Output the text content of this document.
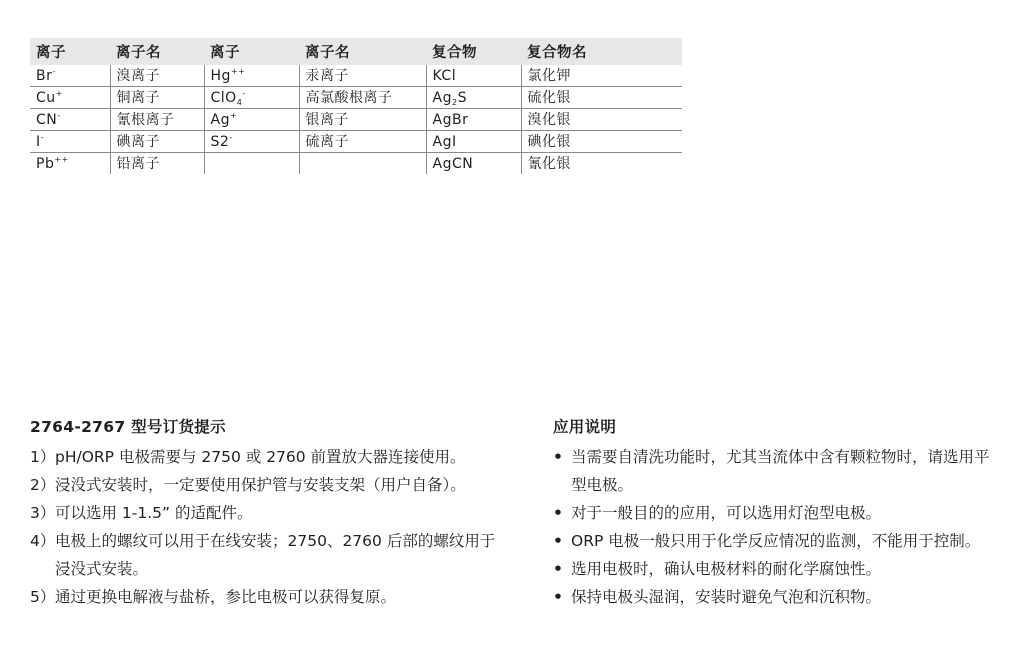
离子	离子名	离子	离子名	复合物	复合物名
Br-	溴离子	Hg++	汞离子	KCl	氯化钾
Cu+	铜离子	ClO$_4$-	高氯酸根离子	$Ag_2S$	硫化银
CN-	氰根离子	Ag+	银离子	AgBr	溴化银
I-	碘离子	S2-	硫离子	AgI	碘化银
Pb++	铅离子			AgCN	氰化银
2764-2767 型号订货提示
1） pH/ORP 电极需要与 2750 或 2760 前置放大器连接使用。
2） 浸没式安装时，一定要使用保护管与安装支架（用户自备）。
3） 可以选用 1-1.5” 的适配件。
4） 电极上的螺纹可以用于在线安装；2750、2760 后部的螺纹用于浸没式安装。
5） 通过更换电解液与盐桥，参比电极可以获得复原。
应用说明
• 当需要自清洗功能时，尤其当流体中含有颗粒物时，请选用平型电极。
• 对于一般目的的应用，可以选用灯泡型电极。
• ORP 电极一般只用于化学反应情况的监测，不能用于控制。
• 选用电极时，确认电极材料的耐化学腐蚀性。
• 保持电极头湿润，安装时避免气泡和沉积物。
